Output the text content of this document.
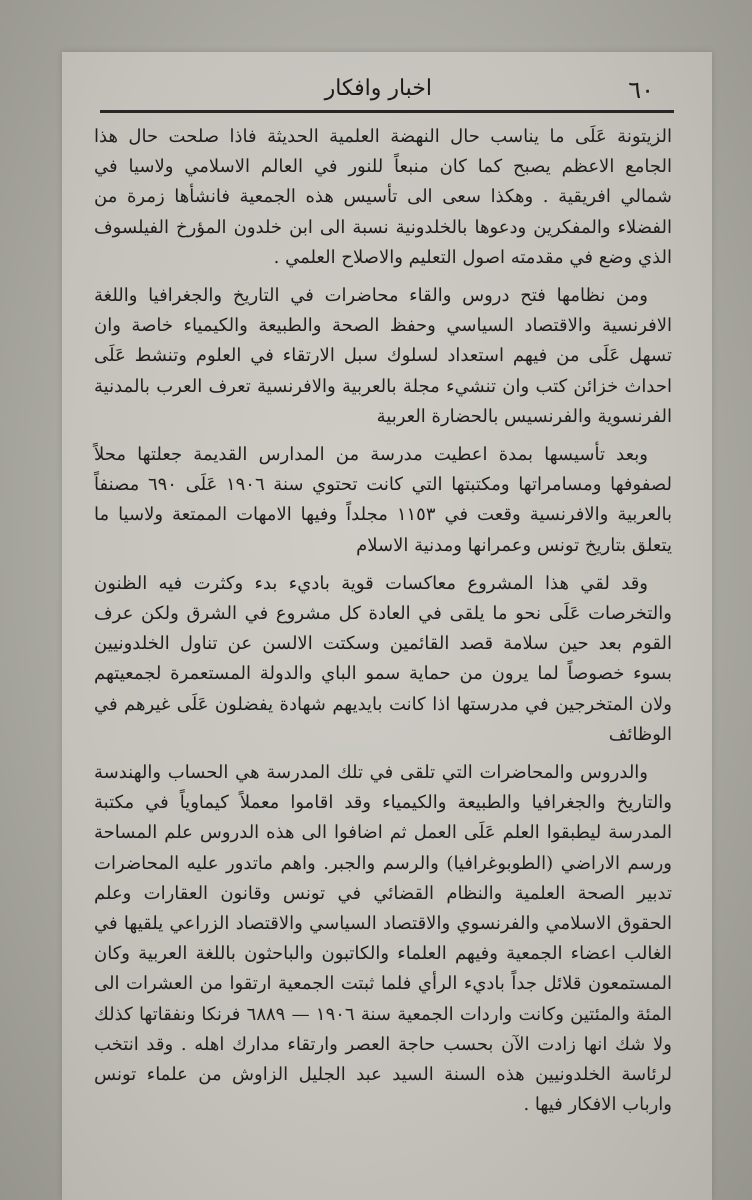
٦٠
اخبار وافكار

الزيتونة عَلَى ما يناسب حال النهضة العلمية الحديثة فاذا صلحت حال هذا الجامع الاعظم يصبح كما كان منبعاً للنور في العالم الاسلامي ولاسيا في شمالي افريقية . وهكذا سعى الى تأسيس هذه الجمعية فانشأها زمرة من الفضلاء والمفكرين ودعوها بالخلدونية نسبة الى ابن خلدون المؤرخ الفيلسوف الذي وضع في مقدمته اصول التعليم والاصلاح العلمي .

ومن نظامها فتح دروس والقاء محاضرات في التاريخ والجغرافيا واللغة الافرنسية والاقتصاد السياسي وحفظ الصحة والطبيعة والكيمياء خاصة وان تسهل عَلَى من فيهم استعداد لسلوك سبل الارتقاء في العلوم وتنشط عَلَى احداث خزائن كتب وان تنشيء مجلة بالعربية والافرنسية تعرف العرب بالمدنية الفرنسوية والفرنسيس بالحضارة العربية

وبعد تأسيسها بمدة اعطيت مدرسة من المدارس القديمة جعلتها محلاً لصفوفها ومسامراتها ومكتبتها التي كانت تحتوي سنة ١٩٠٦ عَلَى ٦٩٠ مصنفاً بالعربية والافرنسية وقعت في ١١٥٣ مجلداً وفيها الامهات الممتعة ولاسيا ما يتعلق بتاريخ تونس وعمرانها ومدنية الاسلام

وقد لقي هذا المشروع معاكسات قوية باديء بدء وكثرت فيه الظنون والتخرصات عَلَى نحو ما يلقى في العادة كل مشروع في الشرق ولكن عرف القوم بعد حين سلامة قصد القائمين وسكتت الالسن عن تناول الخلدونيين بسوء خصوصاً لما يرون من حماية سمو الباي والدولة المستعمرة لجمعيتهم ولان المتخرجين في مدرستها اذا كانت بايديهم شهادة يفضلون عَلَى غيرهم في الوظائف

والدروس والمحاضرات التي تلقى في تلك المدرسة هي الحساب والهندسة والتاريخ والجغرافيا والطبيعة والكيمياء وقد اقاموا معملاً كيماوياً في مكتبة المدرسة ليطبقوا العلم عَلَى العمل ثم اضافوا الى هذه الدروس علم المساحة ورسم الاراضي (الطوبوغرافيا) والرسم والجبر. واهم ماتدور عليه المحاضرات تدبير الصحة العلمية والنظام القضائي في تونس وقانون العقارات وعلم الحقوق الاسلامي والفرنسوي والاقتصاد السياسي والاقتصاد الزراعي يلقيها في الغالب اعضاء الجمعية وفيهم العلماء والكاتبون والباحثون باللغة العربية وكان المستمعون قلائل جداً باديء الرأي فلما ثبتت الجمعية ارتقوا من العشرات الى المئة والمئتين وكانت واردات الجمعية سنة ١٩٠٦ — ٦٨٨٩ فرنكا ونفقاتها كذلك ولا شك انها زادت الآن بحسب حاجة العصر وارتقاء مدارك اهله . وقد انتخب لرئاسة الخلدونيين هذه السنة السيد عبد الجليل الزاوش من علماء تونس وارباب الافكار فيها .
